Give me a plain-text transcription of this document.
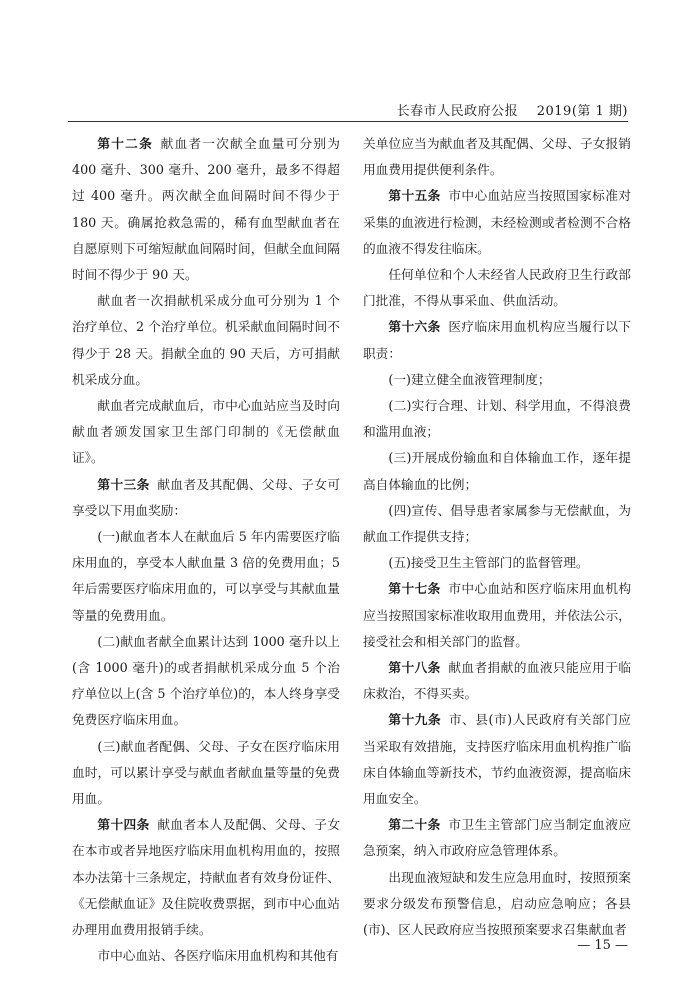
长春市人民政府公报 2019(第 1 期)

第十二条 献血者一次献全血量可分别为 400 毫升、300 毫升、200 毫升，最多不得超过 400 毫升。两次献全血间隔时间不得少于 180 天。确属抢救急需的，稀有血型献血者在自愿原则下可缩短献血间隔时间，但献全血间隔时间不得少于 90 天。

献血者一次捐献机采成分血可分别为 1 个治疗单位、2 个治疗单位。机采献血间隔时间不得少于 28 天。捐献全血的 90 天后，方可捐献机采成分血。

献血者完成献血后，市中心血站应当及时向献血者颁发国家卫生部门印制的《无偿献血证》。

第十三条 献血者及其配偶、父母、子女可享受以下用血奖励：

(一)献血者本人在献血后 5 年内需要医疗临床用血的，享受本人献血量 3 倍的免费用血；5 年后需要医疗临床用血的，可以享受与其献血量等量的免费用血。

(二)献血者献全血累计达到 1000 毫升以上(含 1000 毫升)的或者捐献机采成分血 5 个治疗单位以上(含 5 个治疗单位)的，本人终身享受免费医疗临床用血。

(三)献血者配偶、父母、子女在医疗临床用血时，可以累计享受与献血者献血量等量的免费用血。

第十四条 献血者本人及配偶、父母、子女在本市或者异地医疗临床用血机构用血的，按照本办法第十三条规定，持献血者有效身份证件、《无偿献血证》及住院收费票据，到市中心血站办理用血费用报销手续。

市中心血站、各医疗临床用血机构和其他有

关单位应当为献血者及其配偶、父母、子女报销用血费用提供便利条件。

第十五条 市中心血站应当按照国家标准对采集的血液进行检测，未经检测或者检测不合格的血液不得发往临床。

任何单位和个人未经省人民政府卫生行政部门批准，不得从事采血、供血活动。

第十六条 医疗临床用血机构应当履行以下职责：

(一)建立健全血液管理制度；

(二)实行合理、计划、科学用血，不得浪费和滥用血液；

(三)开展成份输血和自体输血工作，逐年提高自体输血的比例；

(四)宣传、倡导患者家属参与无偿献血，为献血工作提供支持；

(五)接受卫生主管部门的监督管理。

第十七条 市中心血站和医疗临床用血机构应当按照国家标准收取用血费用，并依法公示，接受社会和相关部门的监督。

第十八条 献血者捐献的血液只能应用于临床救治，不得买卖。

第十九条 市、县(市)人民政府有关部门应当采取有效措施，支持医疗临床用血机构推广临床自体输血等新技术，节约血液资源，提高临床用血安全。

第二十条 市卫生主管部门应当制定血液应急预案，纳入市政府应急管理体系。

出现血液短缺和发生应急用血时，按照预案要求分级发布预警信息，启动应急响应；各县(市)、区人民政府应当按照预案要求召集献血者

— 15 —
